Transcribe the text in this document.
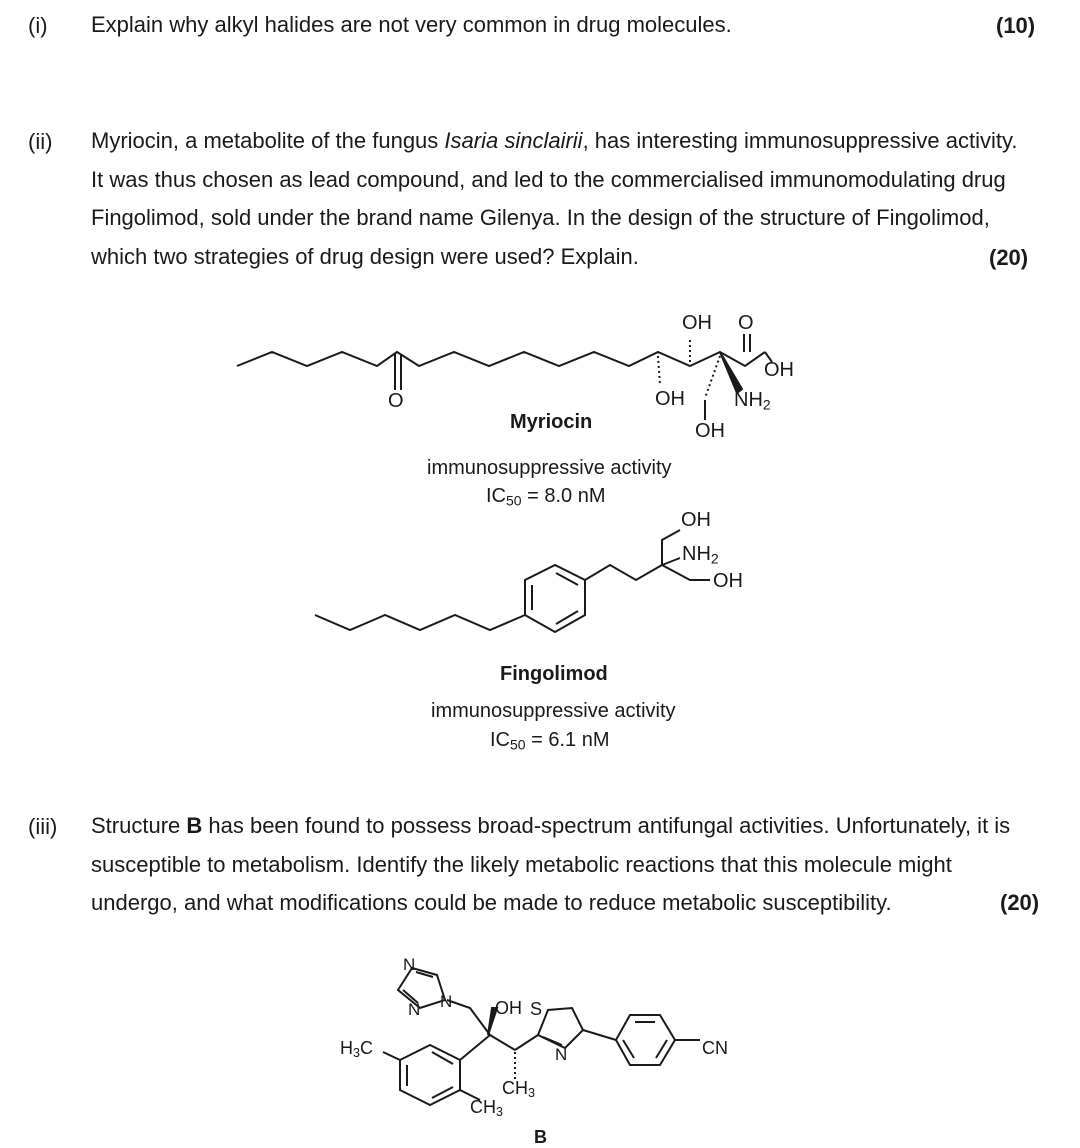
(i) Explain why alkyl halides are not very common in drug molecules.	(10)
(ii) Myriocin, a metabolite of the fungus Isaria sinclairii, has interesting immunosuppressive activity.
It was thus chosen as lead compound, and led to the commercialised immunomodulating drug
Fingolimod, sold under the brand name Gilenya. In the design of the structure of Fingolimod,
which two strategies of drug design were used? Explain.	(20)
OH O
OH
O	OH $NH_2$
OH
Myriocin
immunosuppressive activity
$IC_{50} = 8.0$ nM
OH
$NH_2$
OH
Fingolimod
immunosuppressive activity
$IC_{50} = 6.1$ nM
(iii) Structure B has been found to possess broad-spectrum antifungal activities. Unfortunately, it is
susceptible to metabolism. Identify the likely metabolic reactions that this molecule might
undergo, and what modifications could be made to reduce metabolic susceptibility.	(20)
N
N N OH S
N
$H_3C$	CN
$CH_3$
$CH_3$
B
